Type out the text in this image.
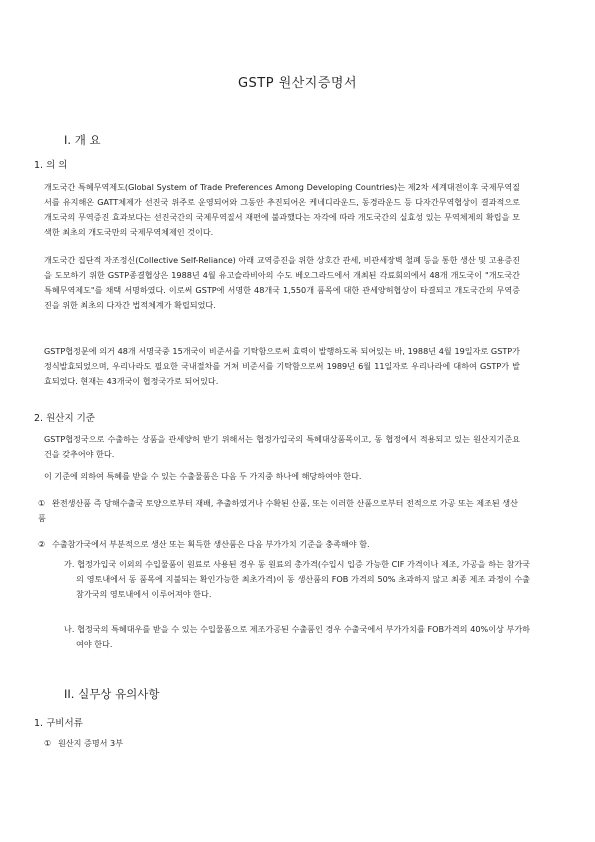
GSTP 원산지증명서
I. 개 요
1. 의 의
개도국간 특혜무역제도(Global System of Trade Preferences Among Developing Countries)는 제2차 세계대전이후 국제무역질서를 유지해온 GATT체제가 선진국 위주로 운영되어와 그동안 추진되어온 케네디라운드, 동경라운드 등 다자간무역협상이 결과적으로 개도국의 무역증진 효과보다는 선진국간의 국제무역질서 재편에 불과했다는 자각에 따라 개도국간의 실효성 있는 무역체제의 확립을 모색한 최초의 개도국만의 국제무역체제인 것이다.
개도국간 집단적 자조정신(Collective Self-Reliance) 아래 교역증진을 위한 상호간 관세, 비관세장벽 철폐 등을 통한 생산 및 고용증진을 도모하기 위한 GSTP종결협상은 1988년 4월 유고슬라비아의 수도 베오그라드에서 개최된 각료회의에서 48개 개도국이 "개도국간 특혜무역제도"를 채택 서명하였다. 이로써 GSTP에 서명한 48개국 1,550개 품목에 대한 관세양허협상이 타결되고 개도국간의 무역증진을 위한 최초의 다자간 법적체계가 확립되었다.
GSTP협정문에 의거 48개 서명국중 15개국이 비준서를 기탁함으로써 효력이 발행하도록 되어있는 바, 1988년 4월 19일자로 GSTP가 정식발효되었으며, 우리나라도 필요한 국내절차를 거쳐 비준서를 기탁함으로써 1989년 6월 11일자로 우리나라에 대하여 GSTP가 발효되었다. 현재는 43개국이 협정국가로 되어있다.
2. 원산지 기준
GSTP협정국으로 수출하는 상품을 관세양허 받기 위해서는 협정가입국의 특혜대상품목이고, 동 협정에서 적용되고 있는 원산지기준요건을 갖추어야 한다.
이 기준에 의하여 특혜를 받을 수 있는 수출물품은 다음 두 가지중 하나에 해당하여야 한다.
① 완전생산품 즉 당해수출국 토양으로부터 재배, 추출하였거나 수확된 산품, 또는 이러한 산품으로부터 전적으로 가공 또는 제조된 생산품
② 수출참가국에서 부분적으로 생산 또는 획득한 생산품은 다음 부가가치 기준을 충족해야 함.
가. 협정가입국 이외의 수입물품이 원료로 사용된 경우 동 원료의 총가격(수입시 입증 가능한 CIF 가격이나 제조, 가공을 하는 참가국의 영토내에서 동 품목에 지불되는 확인가능한 최초가격)이 동 생산품의 FOB 가격의 50% 초과하지 않고 최종 제조 과정이 수출참가국의 영토내에서 이루어져야 한다.
나. 협정국의 특혜대우를 받을 수 있는 수입물품으로 제조가공된 수출품인 경우 수출국에서 부가가치를 FOB가격의 40%이상 부가하여야 한다.
II. 실무상 유의사항
1. 구비서류
① 원산지 증명서 3부
